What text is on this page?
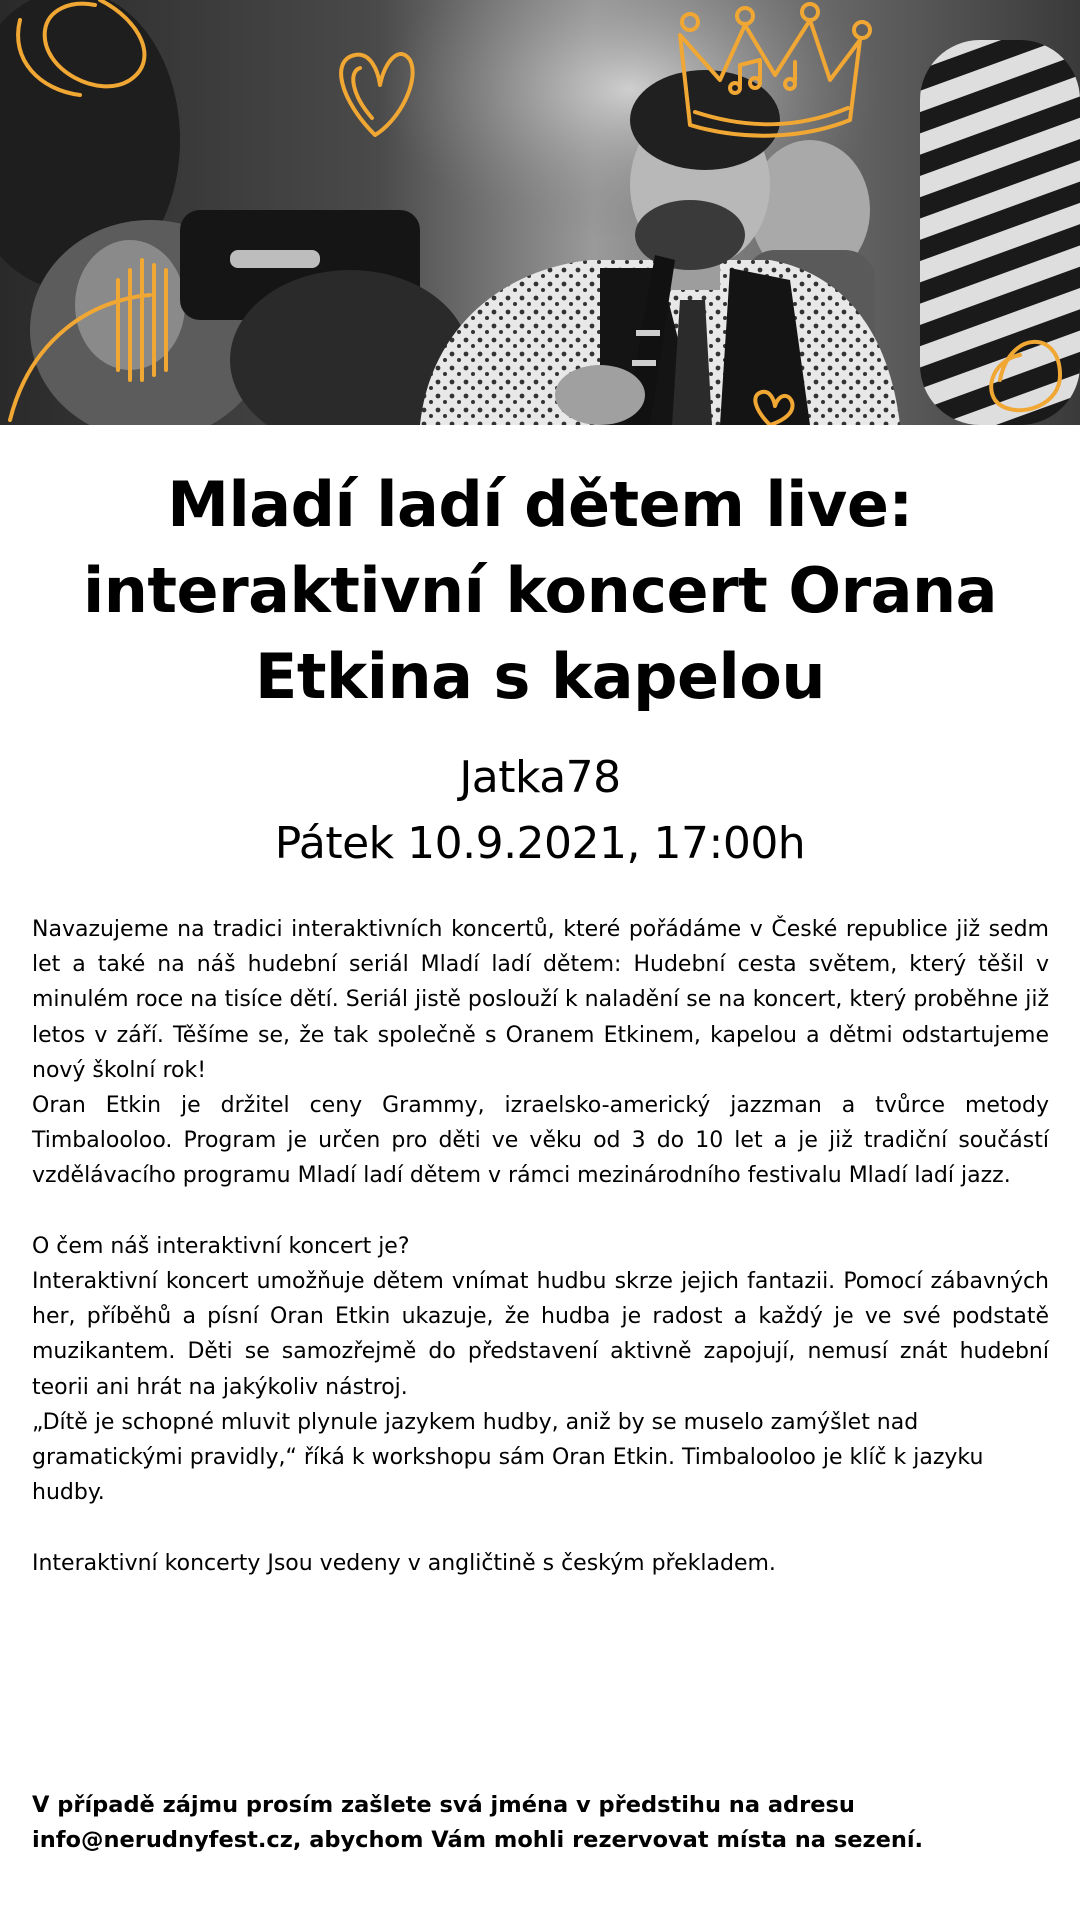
Mladí ladí dětem live:
interaktivní koncert Orana
Etkina s kapelou
Jatka78
Pátek 10.9.2021, 17:00h

Navazujeme na tradici interaktivních koncertů, které pořádáme v České republice již sedm let a také na náš hudební seriál Mladí ladí dětem: Hudební cesta světem, který těšil v minulém roce na tisíce dětí. Seriál jistě poslouží k naladění se na koncert, který proběhne již letos v září. Těšíme se, že tak společně s Oranem Etkinem, kapelou a dětmi odstartujeme nový školní rok!

Oran Etkin je držitel ceny Grammy, izraelsko-americký jazzman a tvůrce metody Timbalooloo. Program je určen pro děti ve věku od 3 do 10 let a je již tradiční součástí vzdělávacího programu Mladí ladí dětem v rámci mezinárodního festivalu Mladí ladí jazz.

O čem náš interaktivní koncert je?

Interaktivní koncert umožňuje dětem vnímat hudbu skrze jejich fantazii. Pomocí zábavných her, příběhů a písní Oran Etkin ukazuje, že hudba je radost a každý je ve své podstatě muzikantem. Děti se samozřejmě do představení aktivně zapojují, nemusí znát hudební teorii ani hrát na jakýkoliv nástroj.

„Dítě je schopné mluvit plynule jazykem hudby, aniž by se muselo zamýšlet nad gramatickými pravidly,“ říká k workshopu sám Oran Etkin. Timbalooloo je klíč k jazyku hudby.

Interaktivní koncerty Jsou vedeny v angličtině s českým překladem.

V případě zájmu prosím zašlete svá jména v předstihu na adresu info@nerudnyfest.cz, abychom Vám mohli rezervovat místa na sezení.
